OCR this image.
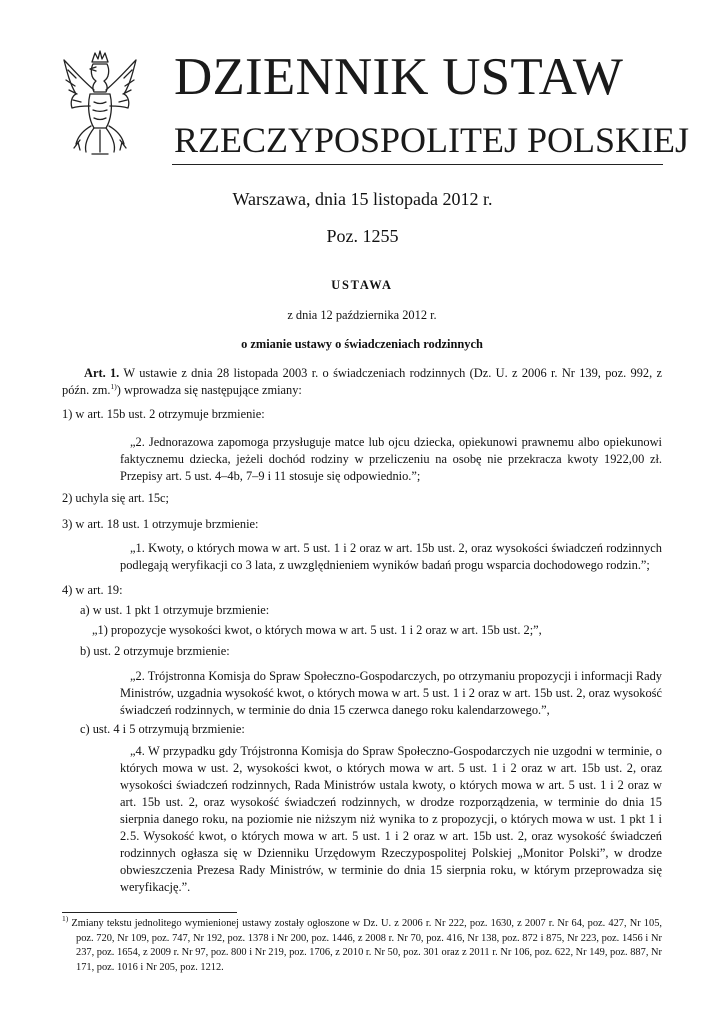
DZIENNIK USTAW
RZECZYPOSPOLITEJ POLSKIEJ
Warszawa, dnia 15 listopada 2012 r.
Poz. 1255
USTAWA
z dnia 12 października 2012 r.
o zmianie ustawy o świadczeniach rodzinnych
Art. 1. W ustawie z dnia 28 listopada 2003 r. o świadczeniach rodzinnych (Dz. U. z 2006 r. Nr 139, poz. 992, z późn. zm.$^{1)}$) wprowadza się następujące zmiany:
1) w art. 15b ust. 2 otrzymuje brzmienie:
„2. Jednorazowa zapomoga przysługuje matce lub ojcu dziecka, opiekunowi prawnemu albo opiekunowi faktycznemu dziecka, jeżeli dochód rodziny w przeliczeniu na osobę nie przekracza kwoty 1922,00 zł. Przepisy art. 5 ust. 4–4b, 7–9 i 11 stosuje się odpowiednio.”;
2) uchyla się art. 15c;
3) w art. 18 ust. 1 otrzymuje brzmienie:
„1. Kwoty, o których mowa w art. 5 ust. 1 i 2 oraz w art. 15b ust. 2, oraz wysokości świadczeń rodzinnych podlegają weryfikacji co 3 lata, z uwzględnieniem wyników badań progu wsparcia dochodowego rodzin.”;
4) w art. 19:
a) w ust. 1 pkt 1 otrzymuje brzmienie:
„1) propozycje wysokości kwot, o których mowa w art. 5 ust. 1 i 2 oraz w art. 15b ust. 2;”,
b) ust. 2 otrzymuje brzmienie:
„2. Trójstronna Komisja do Spraw Społeczno-Gospodarczych, po otrzymaniu propozycji i informacji Rady Ministrów, uzgadnia wysokość kwot, o których mowa w art. 5 ust. 1 i 2 oraz w art. 15b ust. 2, oraz wysokość świadczeń rodzinnych, w terminie do dnia 15 czerwca danego roku kalendarzowego.”,
c) ust. 4 i 5 otrzymują brzmienie:
„4. W przypadku gdy Trójstronna Komisja do Spraw Społeczno-Gospodarczych nie uzgodni w terminie, o których mowa w ust. 2, wysokości kwot, o których mowa w art. 5 ust. 1 i 2 oraz w art. 15b ust. 2, oraz wysokości świadczeń rodzinnych, Rada Ministrów ustala kwoty, o których mowa w art. 5 ust. 1 i 2 oraz w art. 15b ust. 2, oraz wysokość świadczeń rodzinnych, w drodze rozporządzenia, w terminie do dnia 15 sierpnia danego roku, na poziomie nie niższym niż wynika to z propozycji, o których mowa w ust. 1 pkt 1 i 2. 5. Wysokość kwot, o których mowa w art. 5 ust. 1 i 2 oraz w art. 15b ust. 2, oraz wysokość świadczeń rodzinnych ogłasza się w Dzienniku Urzędowym Rzeczypospolitej Polskiej „Monitor Polski”, w drodze obwieszczenia Prezesa Rady Ministrów, w terminie do dnia 15 sierpnia roku, w którym przeprowadza się weryfikację.”.
$^{1)}$ Zmiany tekstu jednolitego wymienionej ustawy zostały ogłoszone w Dz. U. z 2006 r. Nr 222, poz. 1630, z 2007 r. Nr 64, poz. 427, Nr 105, poz. 720, Nr 109, poz. 747, Nr 192, poz. 1378 i Nr 200, poz. 1446, z 2008 r. Nr 70, poz. 416, Nr 138, poz. 872 i 875, Nr 223, poz. 1456 i Nr 237, poz. 1654, z 2009 r. Nr 97, poz. 800 i Nr 219, poz. 1706, z 2010 r. Nr 50, poz. 301 oraz z 2011 r. Nr 106, poz. 622, Nr 149, poz. 887, Nr 171, poz. 1016 i Nr 205, poz. 1212.
